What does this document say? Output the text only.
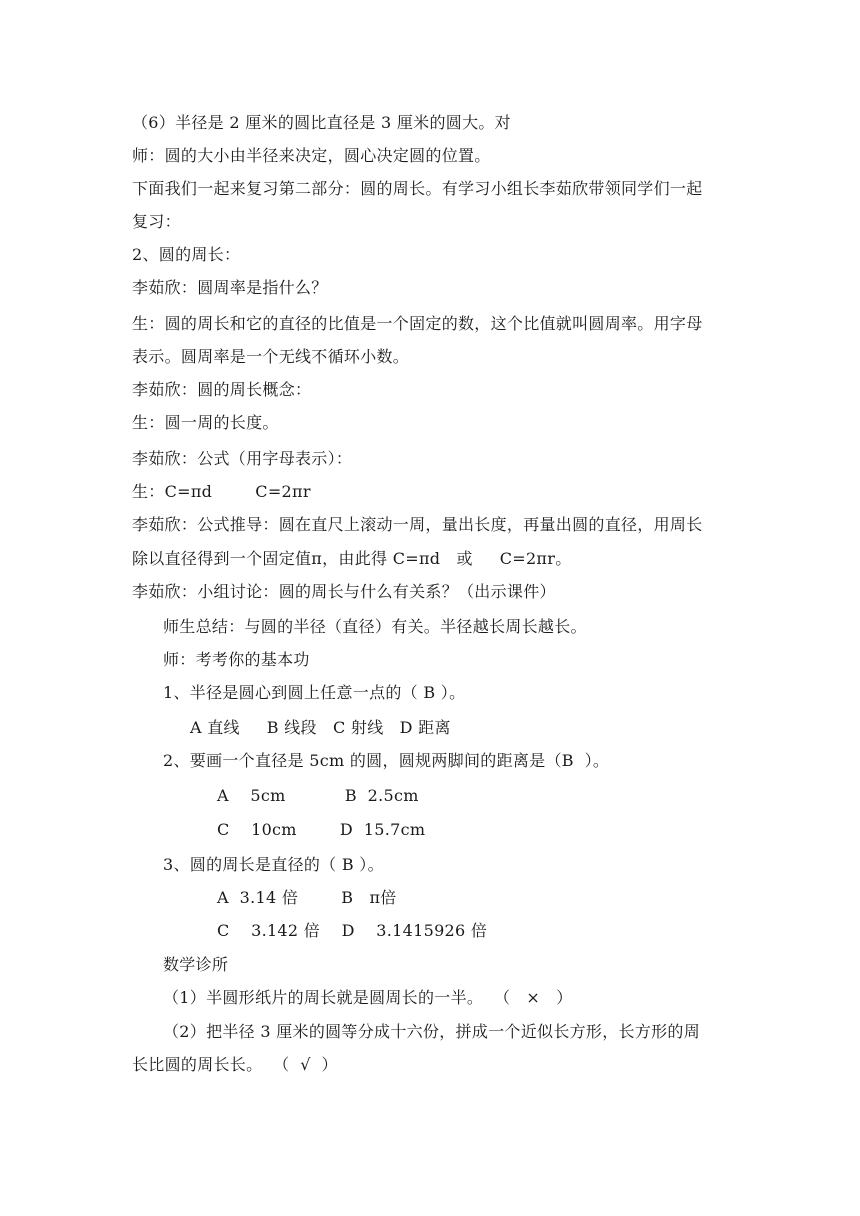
（6）半径是 2 厘米的圆比直径是 3 厘米的圆大。对
师：圆的大小由半径来决定，圆心决定圆的位置。
下面我们一起来复习第二部分：圆的周长。有学习小组长李茹欣带领同学们一起
复习：
2、圆的周长：
李茹欣：圆周率是指什么？
生：圆的周长和它的直径的比值是一个固定的数，这个比值就叫圆周率。用字母
表示。圆周率是一个无线不循环小数。
李茹欣：圆的周长概念：
生：圆一周的长度。
李茹欣：公式（用字母表示）：
生：C=πd        C=2πr
李茹欣：公式推导：圆在直尺上滚动一周，量出长度，再量出圆的直径，用周长
除以直径得到一个固定值π，由此得 C=πd   或     C=2πr。
李茹欣：小组讨论：圆的周长与什么有关系？（出示课件）
师生总结：与圆的半径（直径）有关。半径越长周长越长。
师：考考你的基本功
1、半径是圆心到圆上任意一点的（ B ）。
A 直线     B 线段   C 射线   D 距离
2、要画一个直径是 5cm 的圆，圆规两脚间的距离是（B  ）。
A    5cm           B  2.5cm
C    10cm        D  15.7cm
3、圆的周长是直径的（ B ）。
A  3.14 倍        B   π倍
C    3.142 倍    D    3.1415926 倍
数学诊所
（1）半圆形纸片的周长就是圆周长的一半。  （   ×   ）
（2）把半径 3 厘米的圆等分成十六份，拼成一个近似长方形，长方形的周
长比圆的周长长。  （  √  ）
